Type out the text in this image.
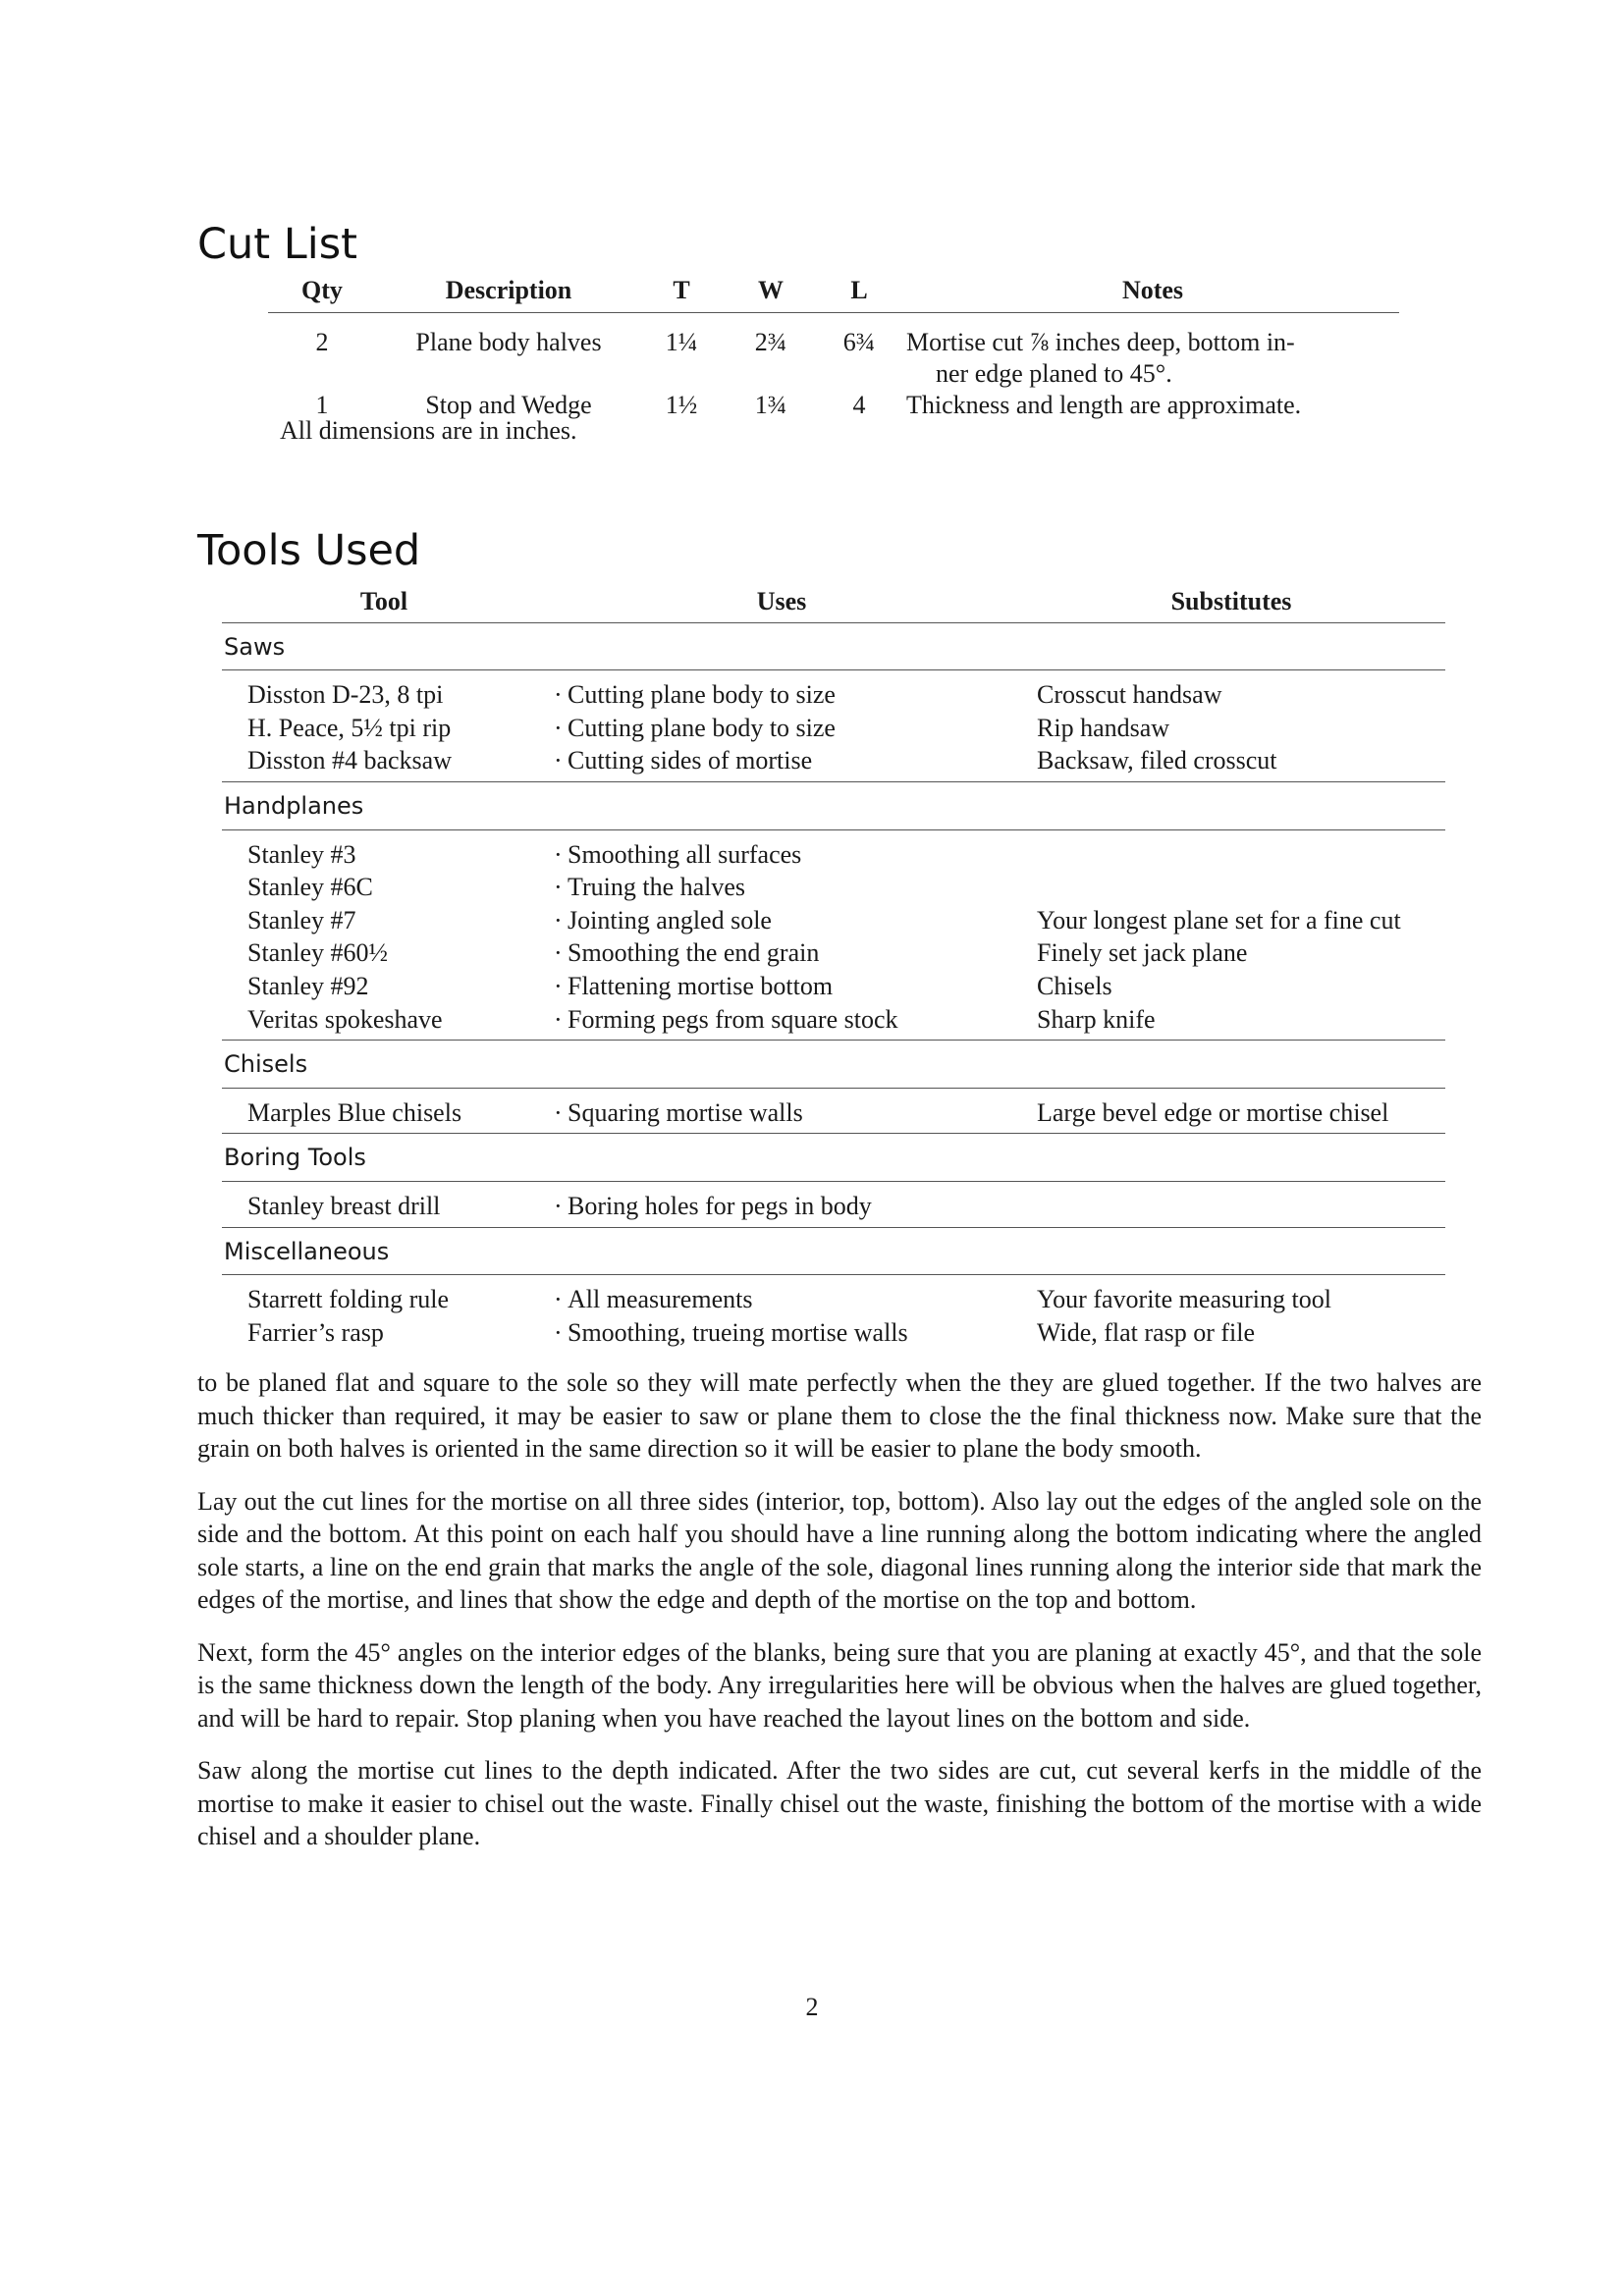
Cut List
Qty	Description	T	W	L	Notes
2	Plane body halves	1¼	2¾	6¾	Mortise cut ⅞ inches deep, bottom in-
ner edge planed to 45°.

1	Stop and Wedge	1½	1¾	4	Thickness and length are approximate.
All dimensions are in inches.
Tools Used
Tool	Uses	Substitutes
Saws		
Disston D-23, 8 tpi	· Cutting plane body to size	Crosscut handsaw
H. Peace, 5½ tpi rip	· Cutting plane body to size	Rip handsaw
Disston #4 backsaw	· Cutting sides of mortise	Backsaw, filed crosscut
Handplanes		
Stanley #3	· Smoothing all surfaces	
Stanley #6C	· Truing the halves	
Stanley #7	· Jointing angled sole	Your longest plane set for a fine cut
Stanley #60½	· Smoothing the end grain	Finely set jack plane
Stanley #92	· Flattening mortise bottom	Chisels
Veritas spokeshave	· Forming pegs from square stock	Sharp knife
Chisels		
Marples Blue chisels	· Squaring mortise walls	Large bevel edge or mortise chisel
Boring Tools		
Stanley breast drill	· Boring holes for pegs in body	
Miscellaneous		
Starrett folding rule	· All measurements	Your favorite measuring tool
Farrier’s rasp	· Smoothing, trueing mortise walls	Wide, flat rasp or file

to be planed flat and square to the sole so they will mate perfectly when the they are glued together. If the two halves are much thicker than required, it may be easier to saw or plane them to close the the final thickness now. Make sure that the grain on both halves is oriented in the same direction so it will be easier to plane the body smooth.

Lay out the cut lines for the mortise on all three sides (interior, top, bottom). Also lay out the edges of the angled sole on the side and the bottom. At this point on each half you should have a line running along the bottom indicating where the angled sole starts, a line on the end grain that marks the angle of the sole, diagonal lines running along the interior side that mark the edges of the mortise, and lines that show the edge and depth of the mortise on the top and bottom.

Next, form the 45° angles on the interior edges of the blanks, being sure that you are planing at exactly 45°, and that the sole is the same thickness down the length of the body. Any irregularities here will be obvious when the halves are glued together, and will be hard to repair. Stop planing when you have reached the layout lines on the bottom and side.

Saw along the mortise cut lines to the depth indicated. After the two sides are cut, cut several kerfs in the middle of the mortise to make it easier to chisel out the waste. Finally chisel out the waste, finishing the bottom of the mortise with a wide chisel and a shoulder plane.

2
